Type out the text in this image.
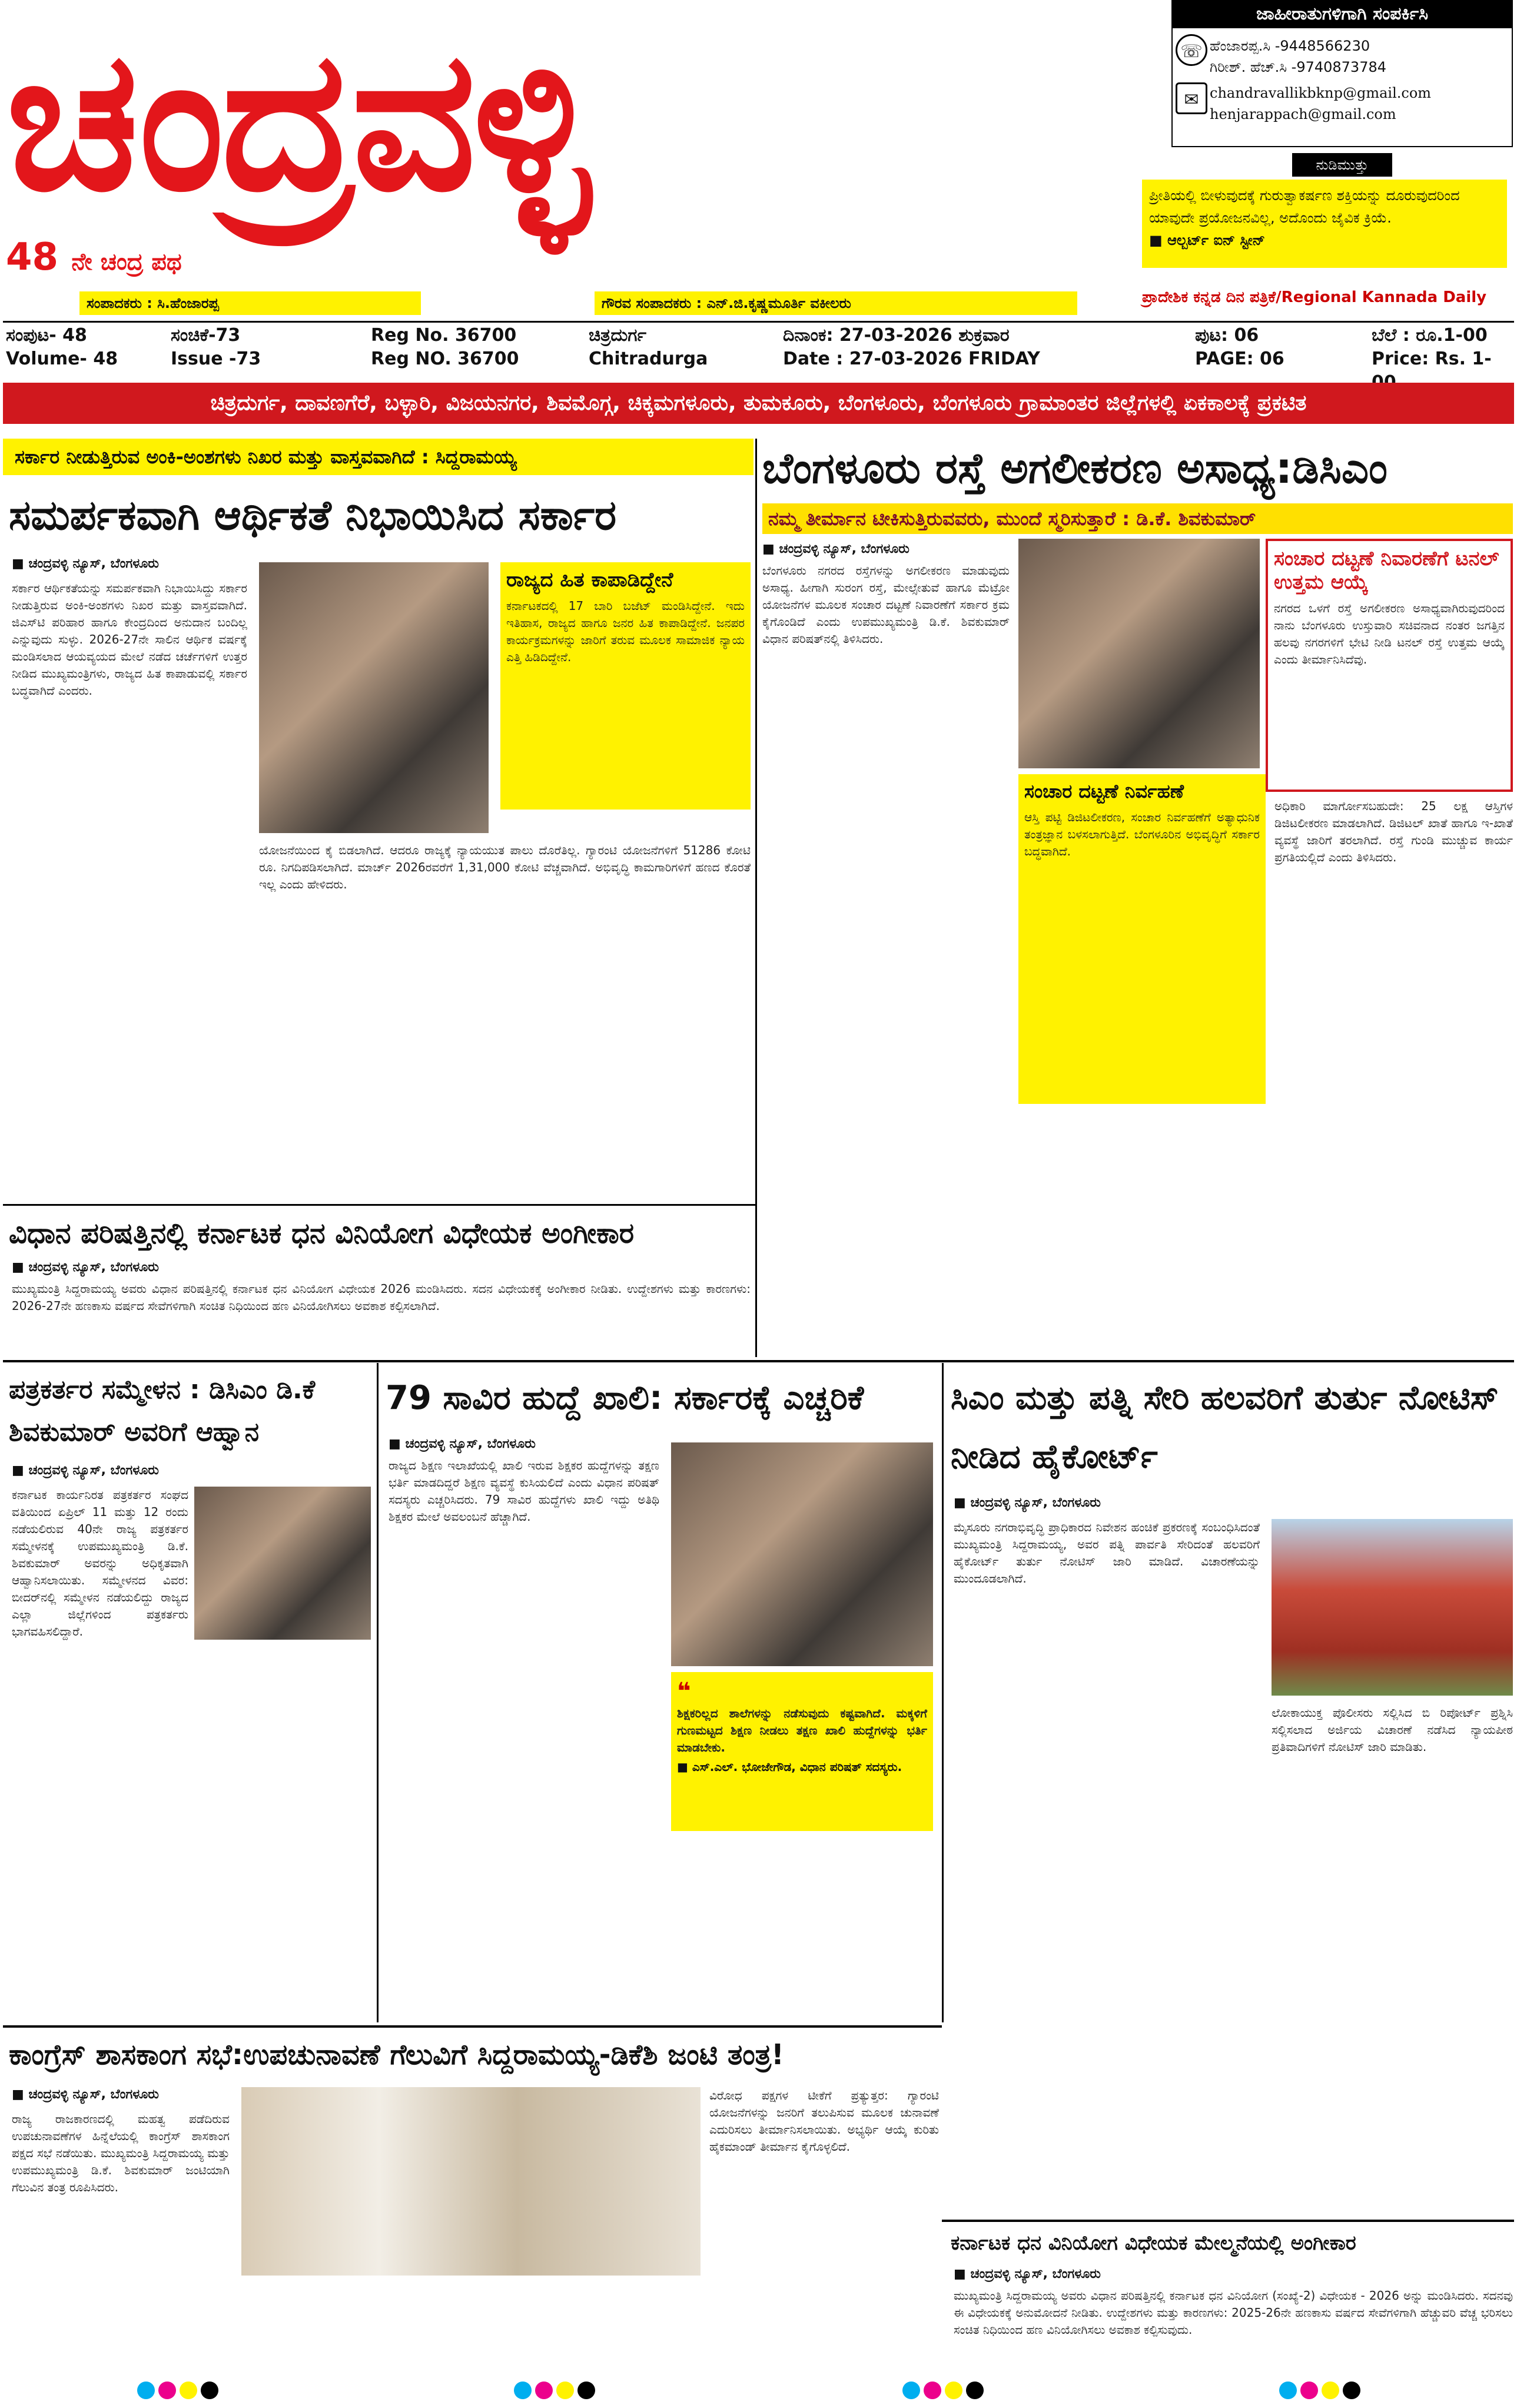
ಚಂದ್ರವಳ್ಳಿ
48 ನೇ ಚಂದ್ರ ಪಥ
ಜಾಹೀರಾತುಗಳಿಗಾಗಿ ಸಂಪರ್ಕಿಸಿ
☏ ಹೆಂಜಾರಪ್ಪ.ಸಿ -9448566230
ಗಿರೀಶ್. ಹೆಚ್.ಸಿ -9740873784
✉ chandravallikbknp@gmail.com
henjarappach@gmail.com
ನುಡಿಮುತ್ತು
ಪ್ರೀತಿಯಲ್ಲಿ ಬೀಳುವುದಕ್ಕೆ ಗುರುತ್ವಾಕರ್ಷಣ ಶಕ್ತಿಯನ್ನು ದೂರುವುದರಿಂದ ಯಾವುದೇ ಪ್ರಯೋಜನವಿಲ್ಲ, ಅದೊಂದು ಜೈವಿಕ ಕ್ರಿಯೆ.
■ ಆಲ್ಬರ್ಟ್ ಐನ್ ಸ್ಟೀನ್
ಪ್ರಾದೇಶಿಕ ಕನ್ನಡ ದಿನ ಪತ್ರಿಕೆ/Regional Kannada Daily
ಸಂಪಾದಕರು : ಸಿ.ಹೆಂಜಾರಪ್ಪ	ಗೌರವ ಸಂಪಾದಕರು : ಎನ್.ಜಿ.ಕೃಷ್ಣಮೂರ್ತಿ ವಕೀಲರು
ಸಂಪುಟ- 48
Volume- 48
ಸಂಚಿಕೆ-73
Issue -73
Reg No. 36700
Reg NO. 36700
ಚಿತ್ರದುರ್ಗ
Chitradurga
ದಿನಾಂಕ: 27-03-2026 ಶುಕ್ರವಾರ
Date : 27-03-2026 FRIDAY
ಪುಟ: 06
PAGE: 06
ಬೆಲೆ : ರೂ.1-00
Price: Rs. 1-
ಚಿತ್ರದುರ್ಗ, ದಾವಣಗೆರೆ, ಬಳ್ಳಾರಿ, ವಿಜಯನಗರ, ಶಿವಮೊಗ್ಗ, ಚಿಕ್ಕಮಗಳೂರು, ತುಮಕೂರು, ಬೆಂಗಳೂರು, ಬೆಂಗಳೂರು ಗ್ರಾಮಾಂತರ ಜಿಲ್ಲೆಗಳಲ್ಲಿ ಏಕಕಾಲಕ್ಕೆ ಪ್ರಕಟಿತ
ಸರ್ಕಾರ ನೀಡುತ್ತಿರುವ ಅಂಕಿ-ಅಂಶಗಳು ನಿಖರ ಮತ್ತು ವಾಸ್ತವವಾಗಿದೆ : ಸಿದ್ದರಾಮಯ್ಯ
ಸಮರ್ಪಕವಾಗಿ ಆರ್ಥಿಕತೆ ನಿಭಾಯಿಸಿದ ಸರ್ಕಾರ
■ ಚಂದ್ರವಳ್ಳಿ ನ್ಯೂಸ್, ಬೆಂಗಳೂರು
ಸರ್ಕಾರ ಆರ್ಥಿಕತೆಯನ್ನು ಸಮರ್ಪಕವಾಗಿ ನಿಭಾಯಿಸಿದ್ದು ಸರ್ಕಾರ ನೀಡುತ್ತಿರುವ ಅಂಕಿ-ಅಂಶಗಳು ನಿಖರ ಮತ್ತು ವಾಸ್ತವವಾಗಿದೆ. ಜಿಎಸ್‌ಟಿ ಪರಿಹಾರ ಹಾಗೂ ಕೇಂದ್ರದಿಂದ ಅನುದಾನ ಬಂದಿಲ್ಲ ಎನ್ನುವುದು ಸುಳ್ಳು. 2026-27ನೇ ಸಾಲಿನ ಆರ್ಥಿಕ ವರ್ಷಕ್ಕೆ ಮಂಡಿಸಲಾದ ಆಯವ್ಯಯದ ಮೇಲೆ ನಡೆದ ಚರ್ಚೆಗಳಿಗೆ ಉತ್ತರ ನೀಡಿದ ಮುಖ್ಯಮಂತ್ರಿಗಳು, ರಾಜ್ಯದ ಹಿತ ಕಾಪಾಡುವಲ್ಲಿ ಸರ್ಕಾರ ಬದ್ಧವಾಗಿದೆ ಎಂದರು.
ರಾಜ್ಯದ ಹಿತ ಕಾಪಾಡಿದ್ದೇನೆ
ಕರ್ನಾಟಕದಲ್ಲಿ 17 ಬಾರಿ ಬಜೆಟ್ ಮಂಡಿಸಿದ್ದೇನೆ. ಇದು ಇತಿಹಾಸ, ರಾಜ್ಯದ ಹಾಗೂ ಜನರ ಹಿತ ಕಾಪಾಡಿದ್ದೇನೆ. ಜನಪರ ಕಾರ್ಯಕ್ರಮಗಳನ್ನು ಜಾರಿಗೆ ತರುವ ಮೂಲಕ ಸಾಮಾಜಿಕ ನ್ಯಾಯ ಎತ್ತಿ ಹಿಡಿದಿದ್ದೇನೆ.
ಯೋಜನೆಯಿಂದ ಕೈ ಬಿಡಲಾಗಿದೆ. ಆದರೂ ರಾಜ್ಯಕ್ಕೆ ನ್ಯಾಯಯುತ ಪಾಲು ದೊರೆತಿಲ್ಲ. ಗ್ಯಾರಂಟಿ ಯೋಜನೆಗಳಿಗೆ 51286 ಕೋಟಿ ರೂ. ನಿಗದಿಪಡಿಸಲಾಗಿದೆ. ಮಾರ್ಚ್ 2026ರವರೆಗೆ 1,31,000 ಕೋಟಿ ವೆಚ್ಚವಾಗಿದೆ. ಅಭಿವೃದ್ಧಿ ಕಾಮಗಾರಿಗಳಿಗೆ ಹಣದ ಕೊರತೆ ಇಲ್ಲ ಎಂದು ಹೇಳಿದರು.
ಬೆಂಗಳೂರು ರಸ್ತೆ ಅಗಲೀಕರಣ ಅಸಾಧ್ಯ:ಡಿಸಿಎಂ
ನಮ್ಮ ತೀರ್ಮಾನ ಟೀಕಿಸುತ್ತಿರುವವರು, ಮುಂದೆ ಸ್ಮರಿಸುತ್ತಾರೆ : ಡಿ.ಕೆ. ಶಿವಕುಮಾರ್
■ ಚಂದ್ರವಳ್ಳಿ ನ್ಯೂಸ್, ಬೆಂಗಳೂರು
ಬೆಂಗಳೂರು ನಗರದ ರಸ್ತೆಗಳನ್ನು ಅಗಲೀಕರಣ ಮಾಡುವುದು ಅಸಾಧ್ಯ. ಹೀಗಾಗಿ ಸುರಂಗ ರಸ್ತೆ, ಮೇಲ್ಸೇತುವೆ ಹಾಗೂ ಮೆಟ್ರೋ ಯೋಜನೆಗಳ ಮೂಲಕ ಸಂಚಾರ ದಟ್ಟಣೆ ನಿವಾರಣೆಗೆ ಸರ್ಕಾರ ಕ್ರಮ ಕೈಗೊಂಡಿದೆ ಎಂದು ಉಪಮುಖ್ಯಮಂತ್ರಿ ಡಿ.ಕೆ. ಶಿವಕುಮಾರ್ ವಿಧಾನ ಪರಿಷತ್‌ನಲ್ಲಿ ತಿಳಿಸಿದರು.
ಸಂಚಾರ ದಟ್ಟಣೆ ನಿವಾರಣೆಗೆ ಟನಲ್ ಉತ್ತಮ ಆಯ್ಕೆ
ನಗರದ ಒಳಗೆ ರಸ್ತೆ ಅಗಲೀಕರಣ ಅಸಾಧ್ಯವಾಗಿರುವುದರಿಂದ ನಾನು ಬೆಂಗಳೂರು ಉಸ್ತುವಾರಿ ಸಚಿವನಾದ ನಂತರ ಜಗತ್ತಿನ ಹಲವು ನಗರಗಳಿಗೆ ಭೇಟಿ ನೀಡಿ ಟನಲ್ ರಸ್ತೆ ಉತ್ತಮ ಆಯ್ಕೆ ಎಂದು ತೀರ್ಮಾನಿಸಿದೆವು.
ಸಂಚಾರ ದಟ್ಟಣೆ ನಿರ್ವಹಣೆ
ಆಸ್ತಿ ಪಟ್ಟಿ ಡಿಜಿಟಲೀಕರಣ, ಸಂಚಾರ ನಿರ್ವಹಣೆಗೆ ಅತ್ಯಾಧುನಿಕ ತಂತ್ರಜ್ಞಾನ ಬಳಸಲಾಗುತ್ತಿದೆ. ಬೆಂಗಳೂರಿನ ಅಭಿವೃದ್ಧಿಗೆ ಸರ್ಕಾರ ಬದ್ಧವಾಗಿದೆ.
ಅಧಿಕಾರಿ ಮಾರ್ಗೋಸಬಹುದೇ: 25 ಲಕ್ಷ ಆಸ್ತಿಗಳ ಡಿಜಿಟಲೀಕರಣ ಮಾಡಲಾಗಿದೆ. ಡಿಜಿಟಲ್ ಖಾತೆ ಹಾಗೂ ಇ-ಖಾತೆ ವ್ಯವಸ್ಥೆ ಜಾರಿಗೆ ತರಲಾಗಿದೆ. ರಸ್ತೆ ಗುಂಡಿ ಮುಚ್ಚುವ ಕಾರ್ಯ ಪ್ರಗತಿಯಲ್ಲಿದೆ ಎಂದು ತಿಳಿಸಿದರು.
ವಿಧಾನ ಪರಿಷತ್ತಿನಲ್ಲಿ ಕರ್ನಾಟಕ ಧನ ವಿನಿಯೋಗ ವಿಧೇಯಕ ಅಂಗೀಕಾರ
■ ಚಂದ್ರವಳ್ಳಿ ನ್ಯೂಸ್, ಬೆಂಗಳೂರು
ಮುಖ್ಯಮಂತ್ರಿ ಸಿದ್ದರಾಮಯ್ಯ ಅವರು ವಿಧಾನ ಪರಿಷತ್ತಿನಲ್ಲಿ ಕರ್ನಾಟಕ ಧನ ವಿನಿಯೋಗ ವಿಧೇಯಕ 2026 ಮಂಡಿಸಿದರು. ಸದನ ವಿಧೇಯಕಕ್ಕೆ ಅಂಗೀಕಾರ ನೀಡಿತು. ಉದ್ದೇಶಗಳು ಮತ್ತು ಕಾರಣಗಳು: 2026-27ನೇ ಹಣಕಾಸು ವರ್ಷದ ಸೇವೆಗಳಿಗಾಗಿ ಸಂಚಿತ ನಿಧಿಯಿಂದ ಹಣ ವಿನಿಯೋಗಿಸಲು ಅವಕಾಶ ಕಲ್ಪಿಸಲಾಗಿದೆ.
ಪತ್ರಕರ್ತರ ಸಮ್ಮೇಳನ : ಡಿಸಿಎಂ ಡಿ.ಕೆ ಶಿವಕುಮಾರ್ ಅವರಿಗೆ ಆಹ್ವಾನ
■ ಚಂದ್ರವಳ್ಳಿ ನ್ಯೂಸ್, ಬೆಂಗಳೂರು
ಕರ್ನಾಟಕ ಕಾರ್ಯನಿರತ ಪತ್ರಕರ್ತರ ಸಂಘದ ವತಿಯಿಂದ ಏಪ್ರಿಲ್ 11 ಮತ್ತು 12 ರಂದು ನಡೆಯಲಿರುವ 40ನೇ ರಾಜ್ಯ ಪತ್ರಕರ್ತರ ಸಮ್ಮೇಳನಕ್ಕೆ ಉಪಮುಖ್ಯಮಂತ್ರಿ ಡಿ.ಕೆ. ಶಿವಕುಮಾರ್ ಅವರನ್ನು ಅಧಿಕೃತವಾಗಿ ಆಹ್ವಾನಿಸಲಾಯಿತು. ಸಮ್ಮೇಳನದ ವಿವರ: ಬೀದರ್‌ನಲ್ಲಿ ಸಮ್ಮೇಳನ ನಡೆಯಲಿದ್ದು ರಾಜ್ಯದ ಎಲ್ಲಾ ಜಿಲ್ಲೆಗಳಿಂದ ಪತ್ರಕರ್ತರು ಭಾಗವಹಿಸಲಿದ್ದಾರೆ.
79 ಸಾವಿರ ಹುದ್ದೆ ಖಾಲಿ: ಸರ್ಕಾರಕ್ಕೆ ಎಚ್ಚರಿಕೆ
■ ಚಂದ್ರವಳ್ಳಿ ನ್ಯೂಸ್, ಬೆಂಗಳೂರು
ರಾಜ್ಯದ ಶಿಕ್ಷಣ ಇಲಾಖೆಯಲ್ಲಿ ಖಾಲಿ ಇರುವ ಶಿಕ್ಷಕರ ಹುದ್ದೆಗಳನ್ನು ತಕ್ಷಣ ಭರ್ತಿ ಮಾಡದಿದ್ದರೆ ಶಿಕ್ಷಣ ವ್ಯವಸ್ಥೆ ಕುಸಿಯಲಿದೆ ಎಂದು ವಿಧಾನ ಪರಿಷತ್ ಸದಸ್ಯರು ಎಚ್ಚರಿಸಿದರು. 79 ಸಾವಿರ ಹುದ್ದೆಗಳು ಖಾಲಿ ಇದ್ದು ಅತಿಥಿ ಶಿಕ್ಷಕರ ಮೇಲೆ ಅವಲಂಬನೆ ಹೆಚ್ಚಾಗಿದೆ.
❝
ಶಿಕ್ಷಕರಿಲ್ಲದ ಶಾಲೆಗಳನ್ನು ನಡೆಸುವುದು ಕಷ್ಟವಾಗಿದೆ. ಮಕ್ಕಳಿಗೆ ಗುಣಮಟ್ಟದ ಶಿಕ್ಷಣ ನೀಡಲು ತಕ್ಷಣ ಖಾಲಿ ಹುದ್ದೆಗಳನ್ನು ಭರ್ತಿ ಮಾಡಬೇಕು.
■ ಎಸ್.ಎಲ್. ಭೋಜೇಗೌಡ, ವಿಧಾನ ಪರಿಷತ್ ಸದಸ್ಯರು.
ಸಿಎಂ ಮತ್ತು ಪತ್ನಿ ಸೇರಿ ಹಲವರಿಗೆ ತುರ್ತು ನೋಟಿಸ್ ನೀಡಿದ ಹೈಕೋರ್ಟ್
■ ಚಂದ್ರವಳ್ಳಿ ನ್ಯೂಸ್, ಬೆಂಗಳೂರು
ಮೈಸೂರು ನಗರಾಭಿವೃದ್ಧಿ ಪ್ರಾಧಿಕಾರದ ನಿವೇಶನ ಹಂಚಿಕೆ ಪ್ರಕರಣಕ್ಕೆ ಸಂಬಂಧಿಸಿದಂತೆ ಮುಖ್ಯಮಂತ್ರಿ ಸಿದ್ದರಾಮಯ್ಯ, ಅವರ ಪತ್ನಿ ಪಾರ್ವತಿ ಸೇರಿದಂತೆ ಹಲವರಿಗೆ ಹೈಕೋರ್ಟ್ ತುರ್ತು ನೋಟಿಸ್ ಜಾರಿ ಮಾಡಿದೆ. ವಿಚಾರಣೆಯನ್ನು ಮುಂದೂಡಲಾಗಿದೆ.
ಲೋಕಾಯುಕ್ತ ಪೊಲೀಸರು ಸಲ್ಲಿಸಿದ ಬಿ ರಿಪೋರ್ಟ್ ಪ್ರಶ್ನಿಸಿ ಸಲ್ಲಿಸಲಾದ ಅರ್ಜಿಯ ವಿಚಾರಣೆ ನಡೆಸಿದ ನ್ಯಾಯಪೀಠ ಪ್ರತಿವಾದಿಗಳಿಗೆ ನೋಟಿಸ್ ಜಾರಿ ಮಾಡಿತು.
ಕಾಂಗ್ರೆಸ್ ಶಾಸಕಾಂಗ ಸಭೆ:ಉಪಚುನಾವಣೆ ಗೆಲುವಿಗೆ ಸಿದ್ದರಾಮಯ್ಯ-ಡಿಕೆಶಿ ಜಂಟಿ ತಂತ್ರ!
■ ಚಂದ್ರವಳ್ಳಿ ನ್ಯೂಸ್, ಬೆಂಗಳೂರು
ರಾಜ್ಯ ರಾಜಕಾರಣದಲ್ಲಿ ಮಹತ್ವ ಪಡೆದಿರುವ ಉಪಚುನಾವಣೆಗಳ ಹಿನ್ನೆಲೆಯಲ್ಲಿ ಕಾಂಗ್ರೆಸ್ ಶಾಸಕಾಂಗ ಪಕ್ಷದ ಸಭೆ ನಡೆಯಿತು. ಮುಖ್ಯಮಂತ್ರಿ ಸಿದ್ದರಾಮಯ್ಯ ಮತ್ತು ಉಪಮುಖ್ಯಮಂತ್ರಿ ಡಿ.ಕೆ. ಶಿವಕುಮಾರ್ ಜಂಟಿಯಾಗಿ ಗೆಲುವಿನ ತಂತ್ರ ರೂಪಿಸಿದರು.
ವಿರೋಧ ಪಕ್ಷಗಳ ಟೀಕೆಗೆ ಪ್ರತ್ಯುತ್ತರ: ಗ್ಯಾರಂಟಿ ಯೋಜನೆಗಳನ್ನು ಜನರಿಗೆ ತಲುಪಿಸುವ ಮೂಲಕ ಚುನಾವಣೆ ಎದುರಿಸಲು ತೀರ್ಮಾನಿಸಲಾಯಿತು. ಅಭ್ಯರ್ಥಿ ಆಯ್ಕೆ ಕುರಿತು ಹೈಕಮಾಂಡ್ ತೀರ್ಮಾನ ಕೈಗೊಳ್ಳಲಿದೆ.
ಕರ್ನಾಟಕ ಧನ ವಿನಿಯೋಗ ವಿಧೇಯಕ ಮೇಲ್ಮನೆಯಲ್ಲಿ ಅಂಗೀಕಾರ
■ ಚಂದ್ರವಳ್ಳಿ ನ್ಯೂಸ್, ಬೆಂಗಳೂರು
ಮುಖ್ಯಮಂತ್ರಿ ಸಿದ್ದರಾಮಯ್ಯ ಅವರು ವಿಧಾನ ಪರಿಷತ್ತಿನಲ್ಲಿ ಕರ್ನಾಟಕ ಧನ ವಿನಿಯೋಗ (ಸಂಖ್ಯೆ-2) ವಿಧೇಯಕ - 2026 ಅನ್ನು ಮಂಡಿಸಿದರು. ಸದನವು ಈ ವಿಧೇಯಕಕ್ಕೆ ಅನುಮೋದನೆ ನೀಡಿತು. ಉದ್ದೇಶಗಳು ಮತ್ತು ಕಾರಣಗಳು: 2025-26ನೇ ಹಣಕಾಸು ವರ್ಷದ ಸೇವೆಗಳಿಗಾಗಿ ಹೆಚ್ಚುವರಿ ವೆಚ್ಚ ಭರಿಸಲು ಸಂಚಿತ ನಿಧಿಯಿಂದ ಹಣ ವಿನಿಯೋಗಿಸಲು ಅವಕಾಶ ಕಲ್ಪಿಸುವುದು.
